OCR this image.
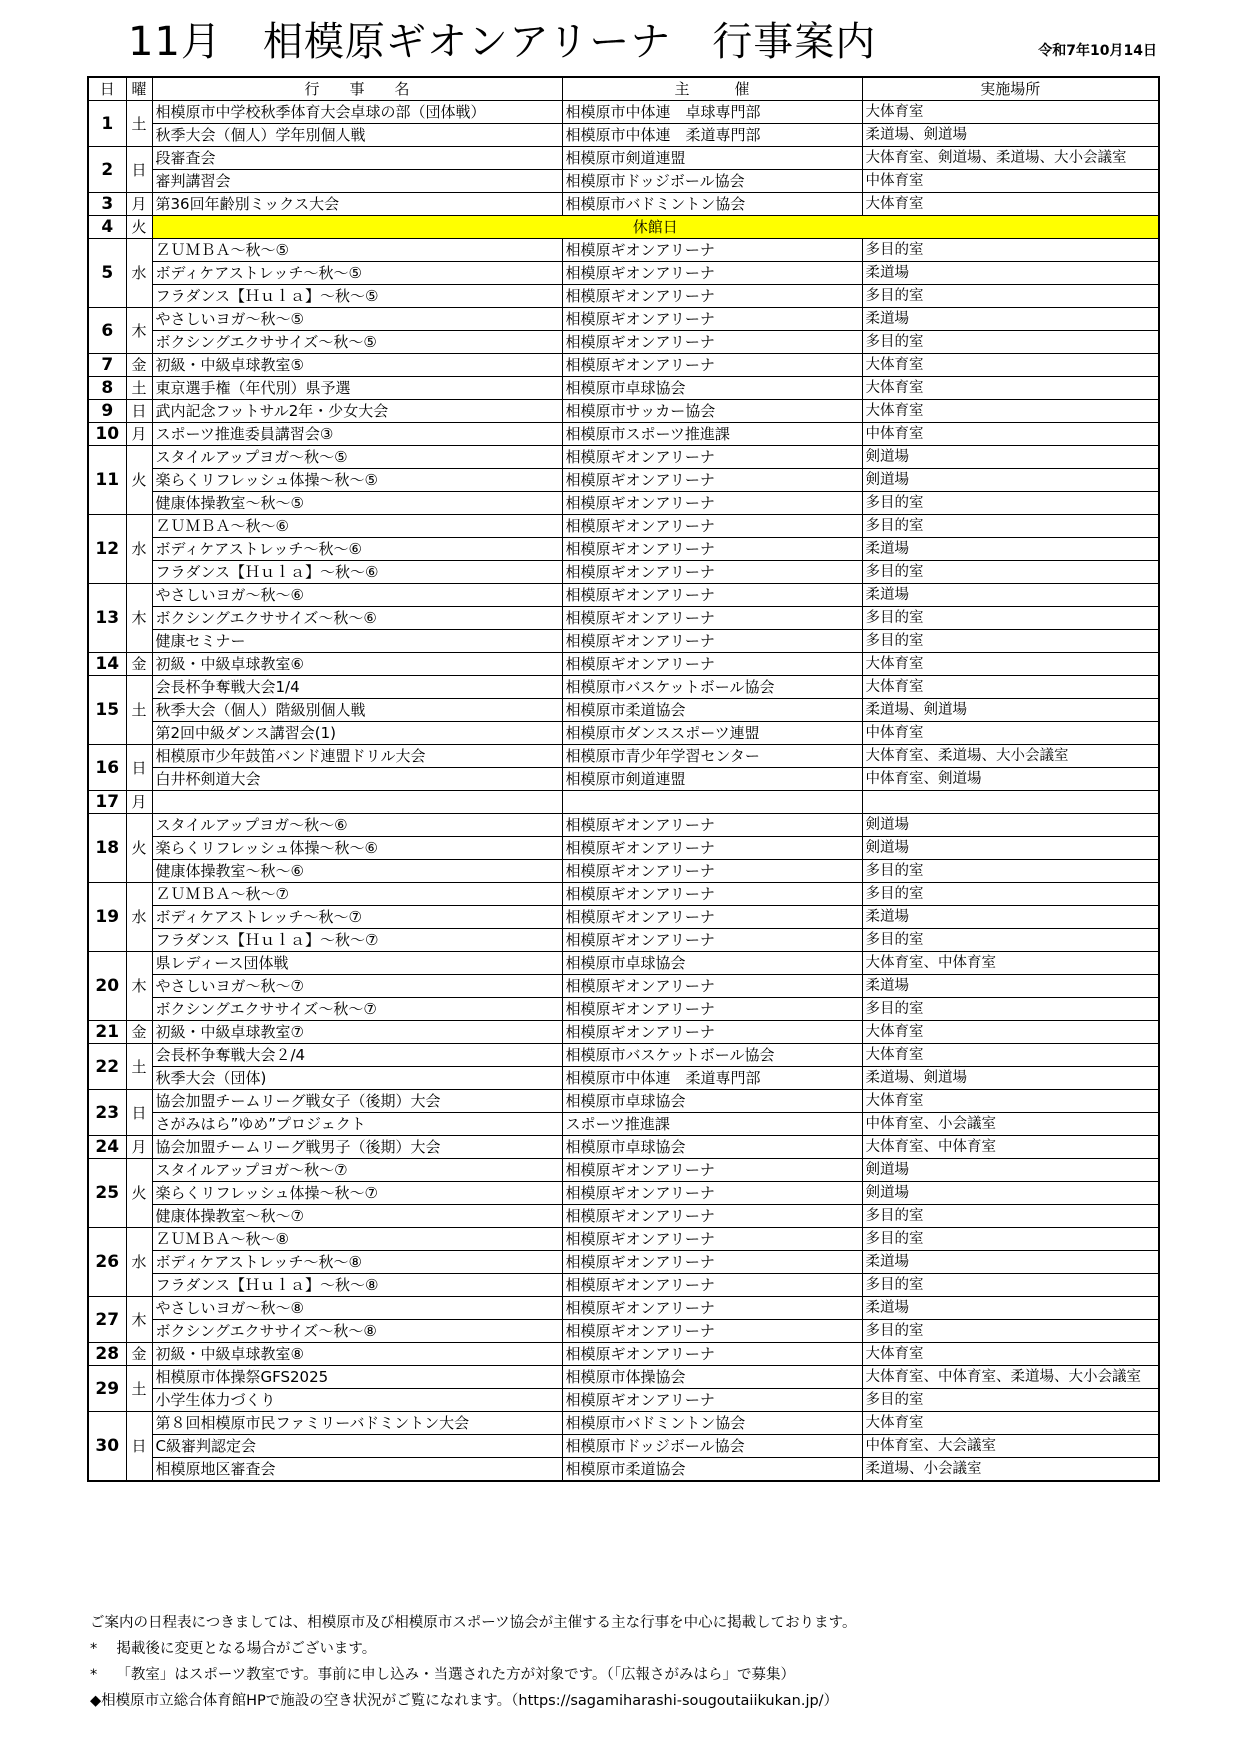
11月　相模原ギオンアリーナ　行事案内	令和7年10月14日
日	曜	行　　事　　名	主　　　催	実施場所
1	土	相模原市中学校秋季体育大会卓球の部（団体戦）	相模原市中体連　卓球専門部	大体育室
		秋季大会（個人）学年別個人戦	相模原市中体連　柔道専門部	柔道場、剣道場
2	日	段審査会	相模原市剣道連盟	大体育室、剣道場、柔道場、大小会議室
		審判講習会	相模原市ドッジボール協会	中体育室
3	月	第36回年齢別ミックス大会	相模原市バドミントン協会	大体育室
4	火	休館日		
5	水	ＺＵＭＢＡ～秋～⑤	相模原ギオンアリーナ	多目的室
		ボディケアストレッチ～秋～⑤	相模原ギオンアリーナ	柔道場
		フラダンス【Ｈｕｌａ】～秋～⑤	相模原ギオンアリーナ	多目的室
6	木	やさしいヨガ～秋～⑤	相模原ギオンアリーナ	柔道場
		ボクシングエクササイズ～秋～⑤	相模原ギオンアリーナ	多目的室
7	金	初級・中級卓球教室⑤	相模原ギオンアリーナ	大体育室
8	土	東京選手権（年代別）県予選	相模原市卓球協会	大体育室
9	日	武内記念フットサル2年・少女大会	相模原市サッカー協会	大体育室
10	月	スポーツ推進委員講習会③	相模原市スポーツ推進課	中体育室
11	火	スタイルアップヨガ～秋～⑤	相模原ギオンアリーナ	剣道場
		楽らくリフレッシュ体操～秋～⑤	相模原ギオンアリーナ	剣道場
		健康体操教室～秋～⑤	相模原ギオンアリーナ	多目的室
12	水	ＺＵＭＢＡ～秋～⑥	相模原ギオンアリーナ	多目的室
		ボディケアストレッチ～秋～⑥	相模原ギオンアリーナ	柔道場
		フラダンス【Ｈｕｌａ】～秋～⑥	相模原ギオンアリーナ	多目的室
13	木	やさしいヨガ～秋～⑥	相模原ギオンアリーナ	柔道場
		ボクシングエクササイズ～秋～⑥	相模原ギオンアリーナ	多目的室
		健康セミナー	相模原ギオンアリーナ	多目的室
14	金	初級・中級卓球教室⑥	相模原ギオンアリーナ	大体育室
15	土	会長杯争奪戦大会1/4	相模原市バスケットボール協会	大体育室
		秋季大会（個人）階級別個人戦	相模原市柔道協会	柔道場、剣道場
		第2回中級ダンス講習会(1)	相模原市ダンススポーツ連盟	中体育室
16	日	相模原市少年鼓笛バンド連盟ドリル大会	相模原市青少年学習センター	大体育室、柔道場、大小会議室
		白井杯剣道大会	相模原市剣道連盟	中体育室、剣道場
17	月			
18	火	スタイルアップヨガ～秋～⑥	相模原ギオンアリーナ	剣道場
		楽らくリフレッシュ体操～秋～⑥	相模原ギオンアリーナ	剣道場
		健康体操教室～秋～⑥	相模原ギオンアリーナ	多目的室
19	水	ＺＵＭＢＡ～秋～⑦	相模原ギオンアリーナ	多目的室
		ボディケアストレッチ～秋～⑦	相模原ギオンアリーナ	柔道場
		フラダンス【Ｈｕｌａ】～秋～⑦	相模原ギオンアリーナ	多目的室
20	木	県レディース団体戦	相模原市卓球協会	大体育室、中体育室
		やさしいヨガ～秋～⑦	相模原ギオンアリーナ	柔道場
		ボクシングエクササイズ～秋～⑦	相模原ギオンアリーナ	多目的室
21	金	初級・中級卓球教室⑦	相模原ギオンアリーナ	大体育室
22	土	会長杯争奪戦大会２/4	相模原市バスケットボール協会	大体育室
		秋季大会（団体)	相模原市中体連　柔道専門部	柔道場、剣道場
23	日	協会加盟チームリーグ戦女子（後期）大会	相模原市卓球協会	大体育室
		さがみはら”ゆめ”プロジェクト	スポーツ推進課	中体育室、小会議室
24	月	協会加盟チームリーグ戦男子（後期）大会	相模原市卓球協会	大体育室、中体育室
25	火	スタイルアップヨガ～秋～⑦	相模原ギオンアリーナ	剣道場
		楽らくリフレッシュ体操～秋～⑦	相模原ギオンアリーナ	剣道場
		健康体操教室～秋～⑦	相模原ギオンアリーナ	多目的室
26	水	ＺＵＭＢＡ～秋～⑧	相模原ギオンアリーナ	多目的室
		ボディケアストレッチ～秋～⑧	相模原ギオンアリーナ	柔道場
		フラダンス【Ｈｕｌａ】～秋～⑧	相模原ギオンアリーナ	多目的室
27	木	やさしいヨガ～秋～⑧	相模原ギオンアリーナ	柔道場
		ボクシングエクササイズ～秋～⑧	相模原ギオンアリーナ	多目的室
28	金	初級・中級卓球教室⑧	相模原ギオンアリーナ	大体育室
29	土	相模原市体操祭GFS2025	相模原市体操協会	大体育室、中体育室、柔道場、大小会議室
		小学生体力づくり	相模原ギオンアリーナ	多目的室
30	日	第８回相模原市民ファミリーバドミントン大会	相模原市バドミントン協会	大体育室
		C級審判認定会	相模原市ドッジボール協会	中体育室、大会議室
		相模原地区審査会	相模原市柔道協会	柔道場、小会議室
ご案内の日程表につきましては、相模原市及び相模原市スポーツ協会が主催する主な行事を中心に掲載しております。
*　 掲載後に変更となる場合がございます。
*　 「教室」はスポーツ教室です。事前に申し込み・当選された方が対象です。（「広報さがみはら」で募集）
◆相模原市立総合体育館HPで施設の空き状況がご覧になれます。（https://sagamiharashi-sougoutaiikukan.jp/）
